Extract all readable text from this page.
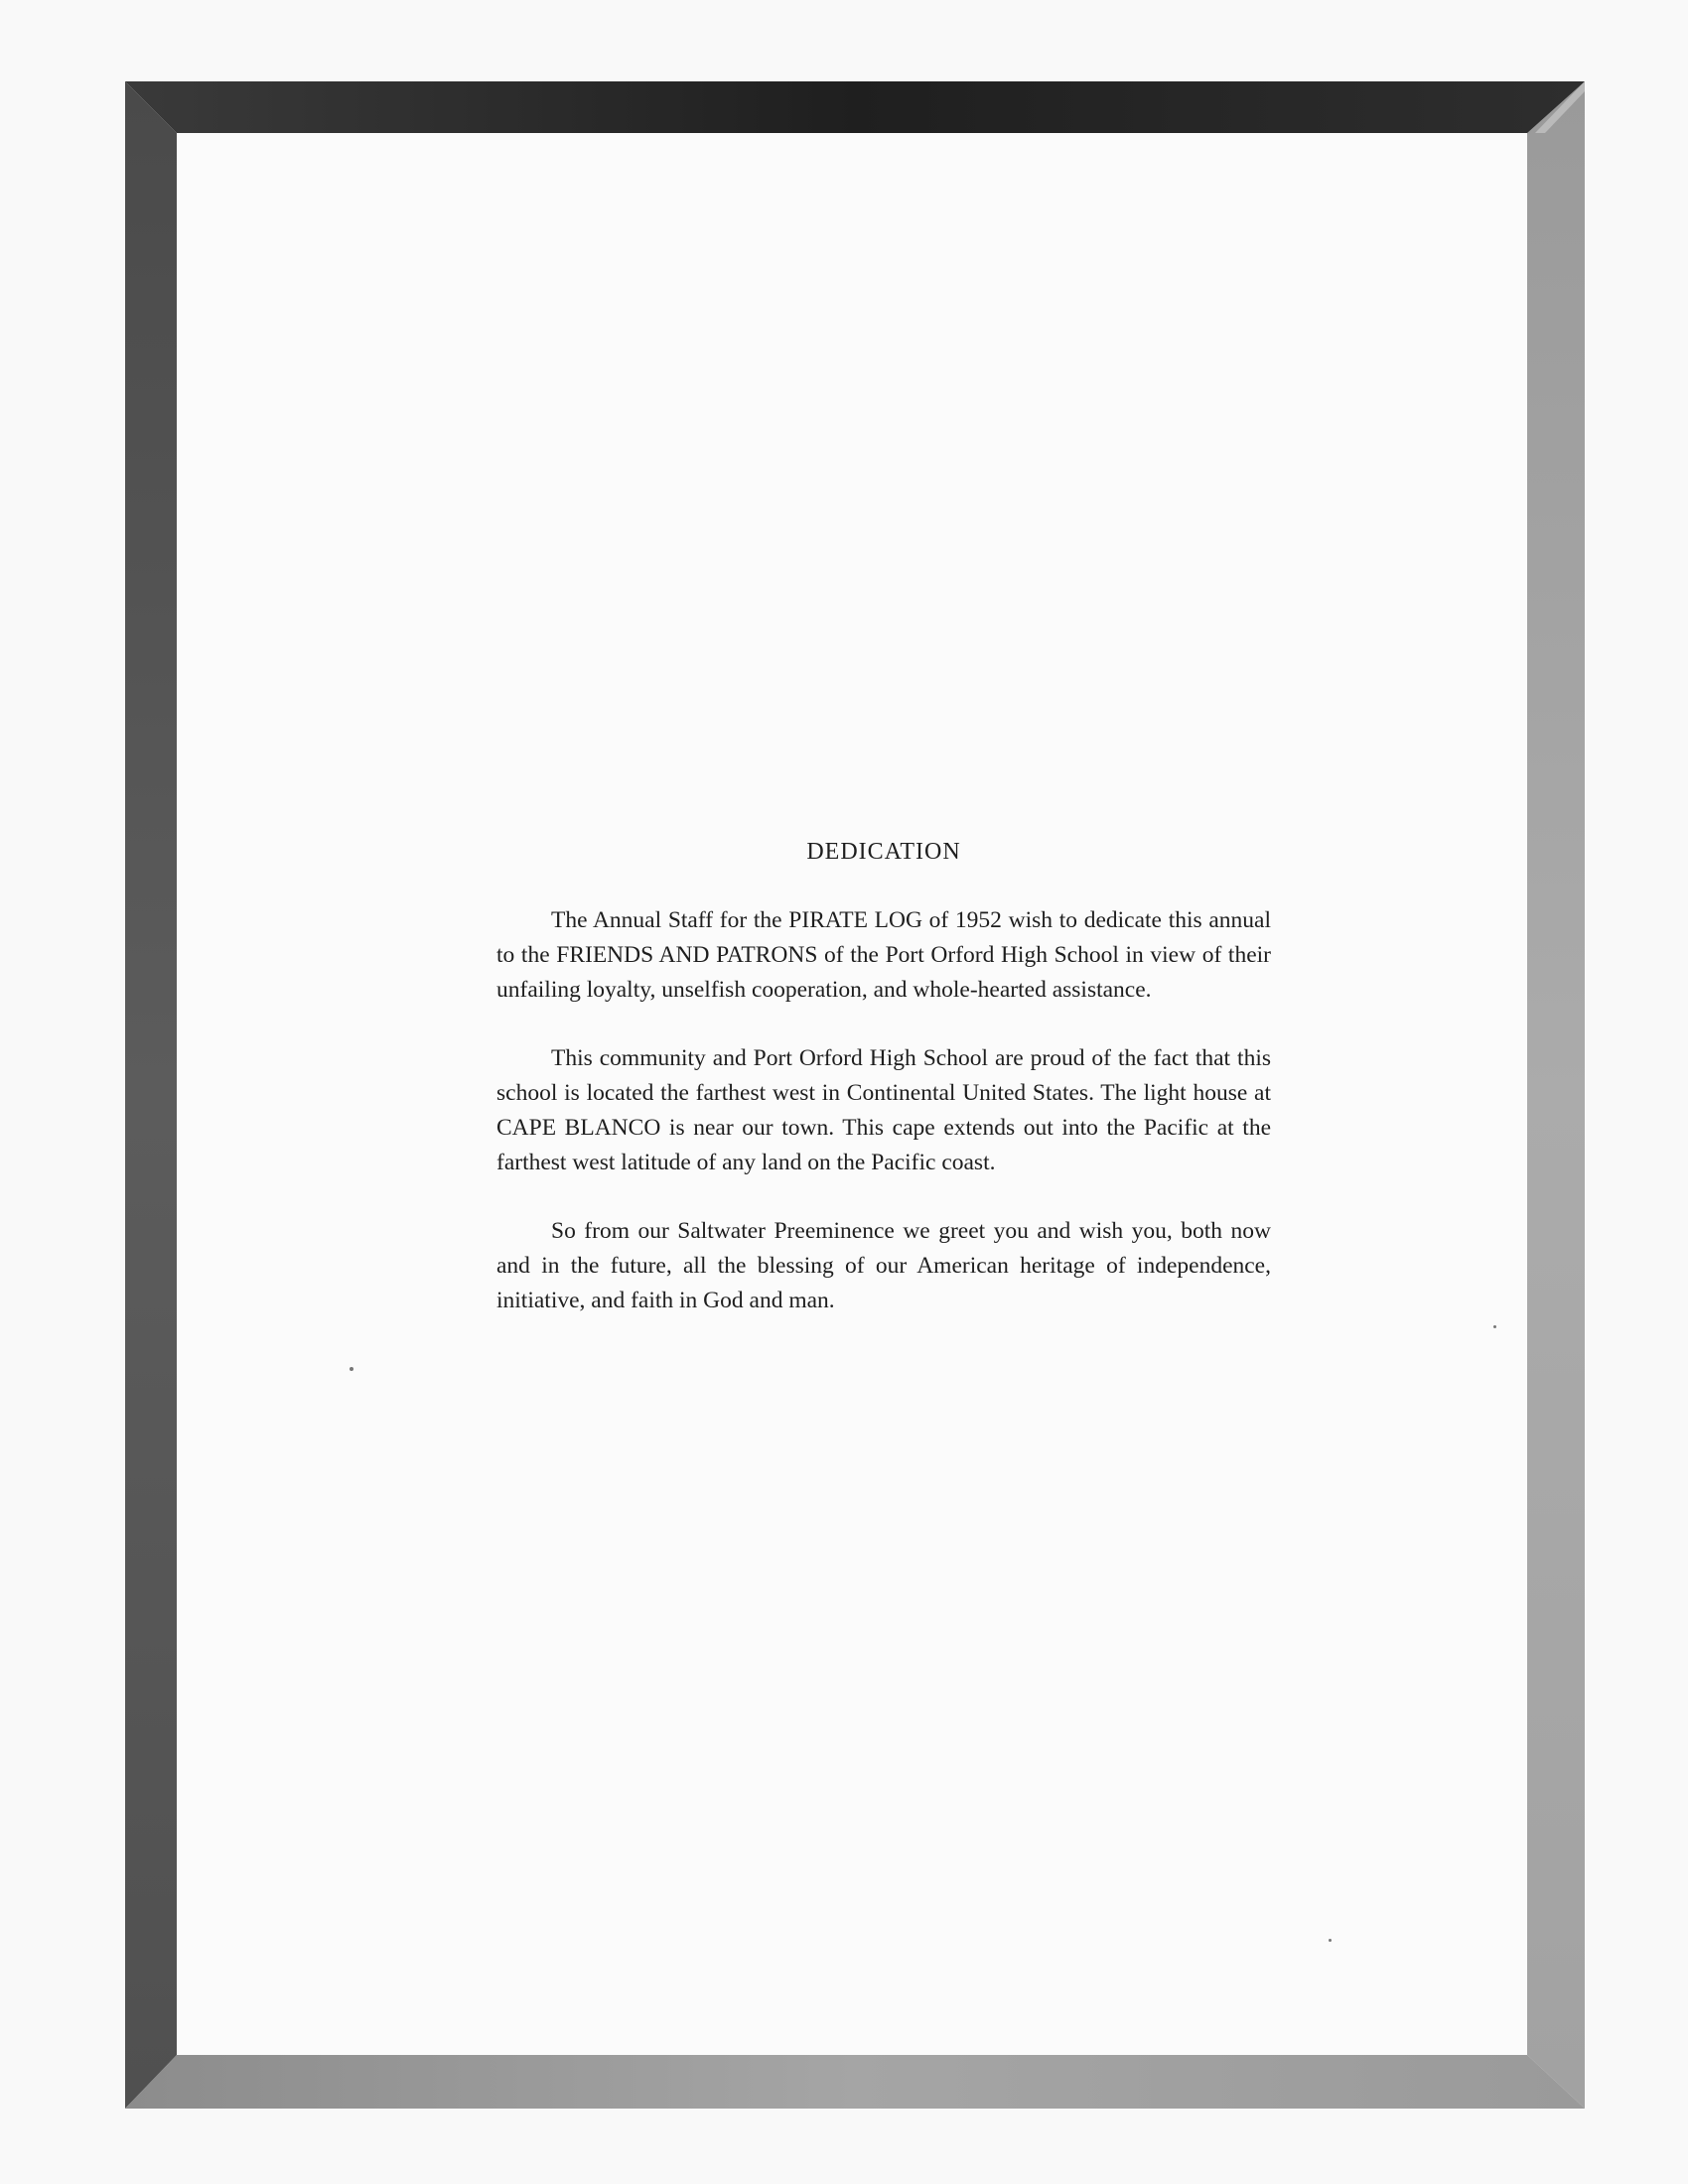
DEDICATION

The Annual Staff for the PIRATE LOG of 1952 wish to dedicate this annual to the FRIENDS AND PATRONS of the Port Orford High School in view of their unfailing loyalty, unselfish cooperation, and whole-hearted assistance.

This community and Port Orford High School are proud of the fact that this school is located the farthest west in Continental United States. The light house at CAPE BLANCO is near our town. This cape extends out into the Pacific at the farthest west latitude of any land on the Pacific coast.

So from our Saltwater Preeminence we greet you and wish you, both now and in the future, all the blessing of our American heritage of independence, initiative, and faith in God and man.
